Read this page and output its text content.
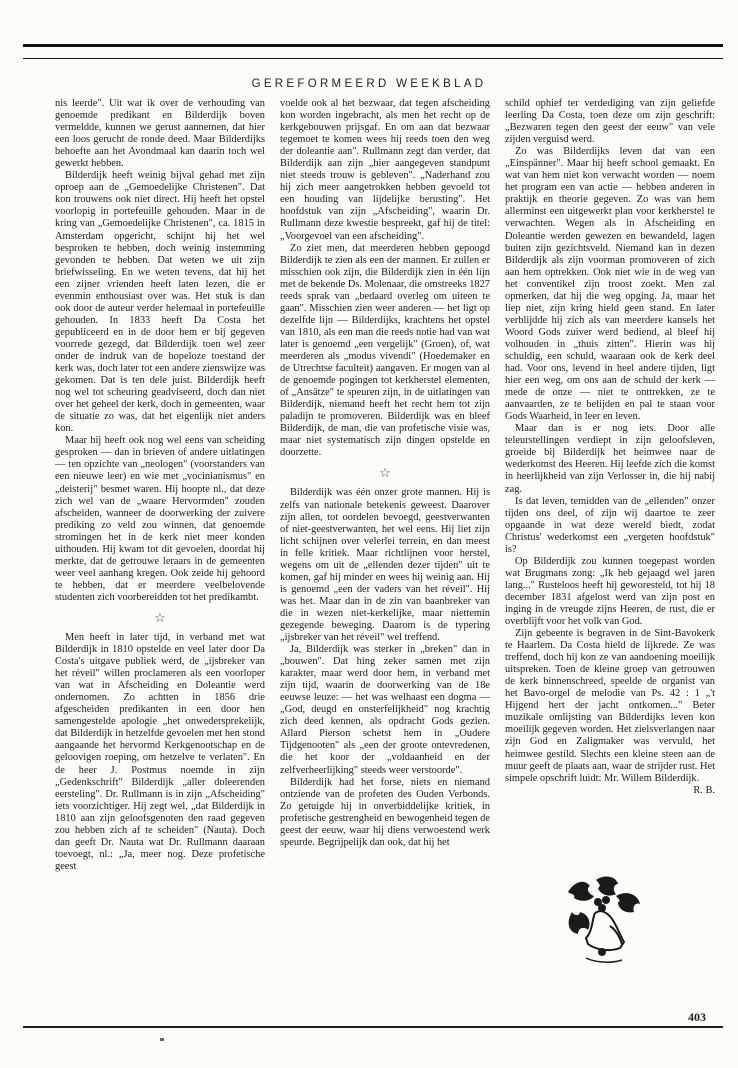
GEREFORMEERD WEEKBLAD

nis leerde". Uit wat ik over de verhouding van genoemde predikant en Bilderdijk boven vermeldde, kunnen we gerust aannemen, dat hier een loos gerucht de ronde deed. Maar Bilderdijks behoefte aan het Avondmaal kan daarin toch wel gewerkt hebben.

Bilderdijk heeft weinig bijval gehad met zijn oproep aan de „Gemoedelijke Christenen". Dat kon trouwens ook niet direct. Hij heeft het opstel voorlopig in portefeuille gehouden. Maar in de kring van „Gemoedelijke Christenen", ca. 1815 in Amsterdam opgericht, schijnt hij het wel besproken te hebben, doch weinig instemming gevonden te hebben. Dat weten we uit zijn briefwisseling. En we weten tevens, dat hij het een zijner vrienden heeft laten lezen, die er evenmin enthousiast over was. Het stuk is dan ook door de auteur verder helemaal in portefeuille gehouden. In 1833 heeft Da Costa het gepubliceerd en in de door hem er bij gegeven voorrede gezegd, dat Bilderdijk toen wel zeer onder de indruk van de hopeloze toestand der kerk was, doch later tot een andere zienswijze was gekomen. Dat is ten dele juist. Bilderdijk heeft nog wel tot scheuring geadviseerd, doch dan niet over het geheel der kerk, doch in gemeenten, waar de situatie zo was, dat het eigenlijk niet anders kon.

Maar hij heeft ook nog wel eens van scheiding gesproken — dan in brieven of andere uitlatingen — ten opzichte van „neologen" (voorstanders van een nieuwe leer) en wie met „vocinianismus" en „deisterij" besmet waren. Hij hoopte nl., dat deze zich wel van de „waare Hervormden" zouden afscheiden, wanneer de doorwerking der zuivere prediking zo veld zou winnen, dat genoemde stromingen het in de kerk niet meer konden uithouden. Hij kwam tot dit gevoelen, doordat hij merkte, dat de getrouwe leraars in de gemeenten weer veel aanhang kregen. Ook zeide hij gehoord te hebben, dat er meerdere veelbelovende studenten zich voorbereidden tot het predikambt.

☆

Men heeft in later tijd, in verband met wat Bilderdijk in 1810 opstelde en veel later door Da Costa's uitgave publiek werd, de „ijsbreker van het réveil" willen proclameren als een voorloper van wat in Afscheiding en Doleantie werd ondernomen. Zo achtten in 1856 drie afgescheiden predikanten in een door hen samengestelde apologie „het onwedersprekelijk, dat Bilderdijk in hetzelfde gevoelen met hen stond aangaande het hervormd Kerkgenootschap en de geloovigen roeping, om hetzelve te verlaten". En de heer J. Postmus noemde in zijn „Gedenkschrift" Bilderdijk „aller doleerenden eersteling". Dr. Rullmann is in zijn „Afscheiding" iets voorzichtiger. Hij zegt wel, „dat Bilderdijk in 1810 aan zijn geloofsgenoten den raad gegeven zou hebben zich af te scheiden" (Nauta). Doch dan geeft Dr. Nauta wat Dr. Rullmann daaraan toevoegt, nl.: „Ja, meer nog. Deze profetische geest

voelde ook al het bezwaar, dat tegen afscheiding kon worden ingebracht, als men het recht op de kerkgebouwen prijsgaf. En om aan dat bezwaar tegemoet te komen wees hij reeds toen den weg der doleantie aan". Rullmann zegt dan verder, dat Bilderdijk aan zijn „hier aangegeven standpunt niet steeds trouw is gebleven". „Naderhand zou hij zich meer aangetrokken hebben gevoeld tot een houding van lijdelijke berusting". Het hoofdstuk van zijn „Afscheiding", waarin Dr. Rullmann deze kwestie bespreekt, gaf hij de titel: „Voorgevoel van een afscheiding".

Zo ziet men, dat meerderen hebben gepoogd Bilderdijk te zien als een der mannen. Er zullen er misschien ook zijn, die Bilderdijk zien in één lijn met de bekende Ds. Molenaar, die omstreeks 1827 reeds sprak van „bedaard overleg om uiteen te gaan". Misschien zien weer anderen — het ligt op dezelfde lijn — Bilderdijks, krachtens het opstel van 1810, als een man die reeds notie had van wat later is genoemd „een vergelijk" (Groen), of, wat meerderen als „modus vivendi" (Hoedemaker en de Utrechtse faculteit) aangaven. Er mogen van al de genoemde pogingen tot kerkherstel elementen, of „Ansätze" te speuren zijn, in de uitlatingen van Bilderdijk, niemand heeft het recht hem tot zijn paladijn te promoveren. Bilderdijk was en bleef Bilderdijk, de man, die van profetische visie was, maar niet systematisch zijn dingen opstelde en doorzette.

☆

Bilderdijk was één onzer grote mannen. Hij is zelfs van nationale betekenis geweest. Daarover zijn allen, tot oordelen bevoegd, geestverwanten of niet-geestverwanten, het wel eens. Hij liet zijn licht schijnen over velerlei terrein, en dan meest in felle kritiek. Maar richtlijnen voor herstel, wegens om uit de „ellenden dezer tijden" uit te komen, gaf hij minder en wees hij weinig aan. Hij is genoemd „een der vaders van het réveil". Hij was het. Maar dan in de zin van baanbreker van die in wezen niet-kerkelijke, maar niettemin gezegende beweging. Daarom is de typering „ijsbreker van het réveil" wel treffend.

Ja, Bilderdijk was sterker in „breken" dan in „bouwen". Dat hing zeker samen met zijn karakter, maar werd door hem, in verband met zijn tijd, waarin de doorwerking van de 18e eeuwse leuze: — het was welhaast een dogma — „God, deugd en onsterfelijkheid" nog krachtig zich deed kennen, als opdracht Gods gezien. Allard Pierson schetst hem in „Oudere Tijdgenooten" als „een der groote ontevredenen, die het koor der „voldaanheid en der zelfverheerlijking" steeds weer verstoorde".

Bilderdijk had het forse, niets en niemand ontziende van de profeten des Ouden Verbonds. Zo getuigde hij in onverbiddelijke kritiek, in profetische gestrengheid en bewogenheid tegen de geest der eeuw, waar hij diens verwoestend werk speurde. Begrijpelijk dan ook, dat hij het

schild ophief ter verdediging van zijn geliefde leerling Da Costa, toen deze om zijn geschrift: „Bezwaren tegen den geest der eeuw" van vele zijden verguisd werd.

Zo was Bilderdijks leven dat van een „Einspänner". Maar hij heeft school gemaakt. En wat van hem niet kon verwacht worden — noem het program een van actie — hebben anderen in praktijk en theorie gegeven. Zo was van hem allerminst een uitgewerkt plan voor kerkherstel te verwachten. Wegen als in Afscheiding en Doleantie werden gewezen en bewandeld, lagen buiten zijn gezichtsveld. Niemand kan in dezen Bilderdijk als zijn voorman promoveren of zich aan hem optrekken. Ook niet wie in de weg van het conventikel zijn troost zoekt. Men zal opmerken, dat hij die weg opging. Ja, maar het liep niet, zijn kring hield geen stand. En later verblijdde hij zich als van meerdere kansels het Woord Gods zuiver werd bediend, al bleef hij volhouden in „thuis zitten". Hierin was hij schuldig, een schuld, waaraan ook de kerk deel had. Voor ons, levend in heel andere tijden, ligt hier een weg, om ons aan de schuld der kerk — mede de onze — niet te onttrekken, ze te aanvaarden, ze te belijden en pal te staan voor Gods Waarheid, in leer en leven.

Maar dan is er nog iets. Door alle teleurstellingen verdiept in zijn geloofsleven, groeide bij Bilderdijk het heimwee naar de wederkomst des Heeren. Hij leefde zich die komst in heerlijkheid van zijn Verlosser in, die hij nabij zag.

Is dat leven, temidden van de „ellenden" onzer tijden ons deel, of zijn wij daartoe te zeer opgaande in wat deze wereld biedt, zodat Christus' wederkomst een „vergeten hoofdstuk" is?

Op Bilderdijk zou kunnen toegepast worden wat Brugmans zong: „Ik heb gejaagd wel jaren lang..." Rusteloos heeft hij geworesteld, tot hij 18 december 1831 afgelost werd van zijn post en inging in de vreugde zijns Heeren, de rust, die er overblijft voor het volk van God.

Zijn gebeente is begraven in de Sint-Bavokerk te Haarlem. Da Costa hield de lijkrede. Ze was treffend, doch hij kon ze van aandoening moeilijk uitspreken. Toen de kleine groep van getrouwen de kerk binnenschreed, speelde de organist van het Bavo-orgel de melodie van Ps. 42 : 1 „'t Hijgend hert der jacht ontkomen..." Beter muzikale omlijsting van Bilderdijks leven kon moeilijk gegeven worden. Het zielsverlangen naar zijn God en Zaligmaker was vervuld, het heimwee gestild. Slechts een kleine steen aan de muur geeft de plaats aan, waar de strijder rust. Het simpele opschrift luidt: Mr. Willem Bilderdijk.

R. B.
403
